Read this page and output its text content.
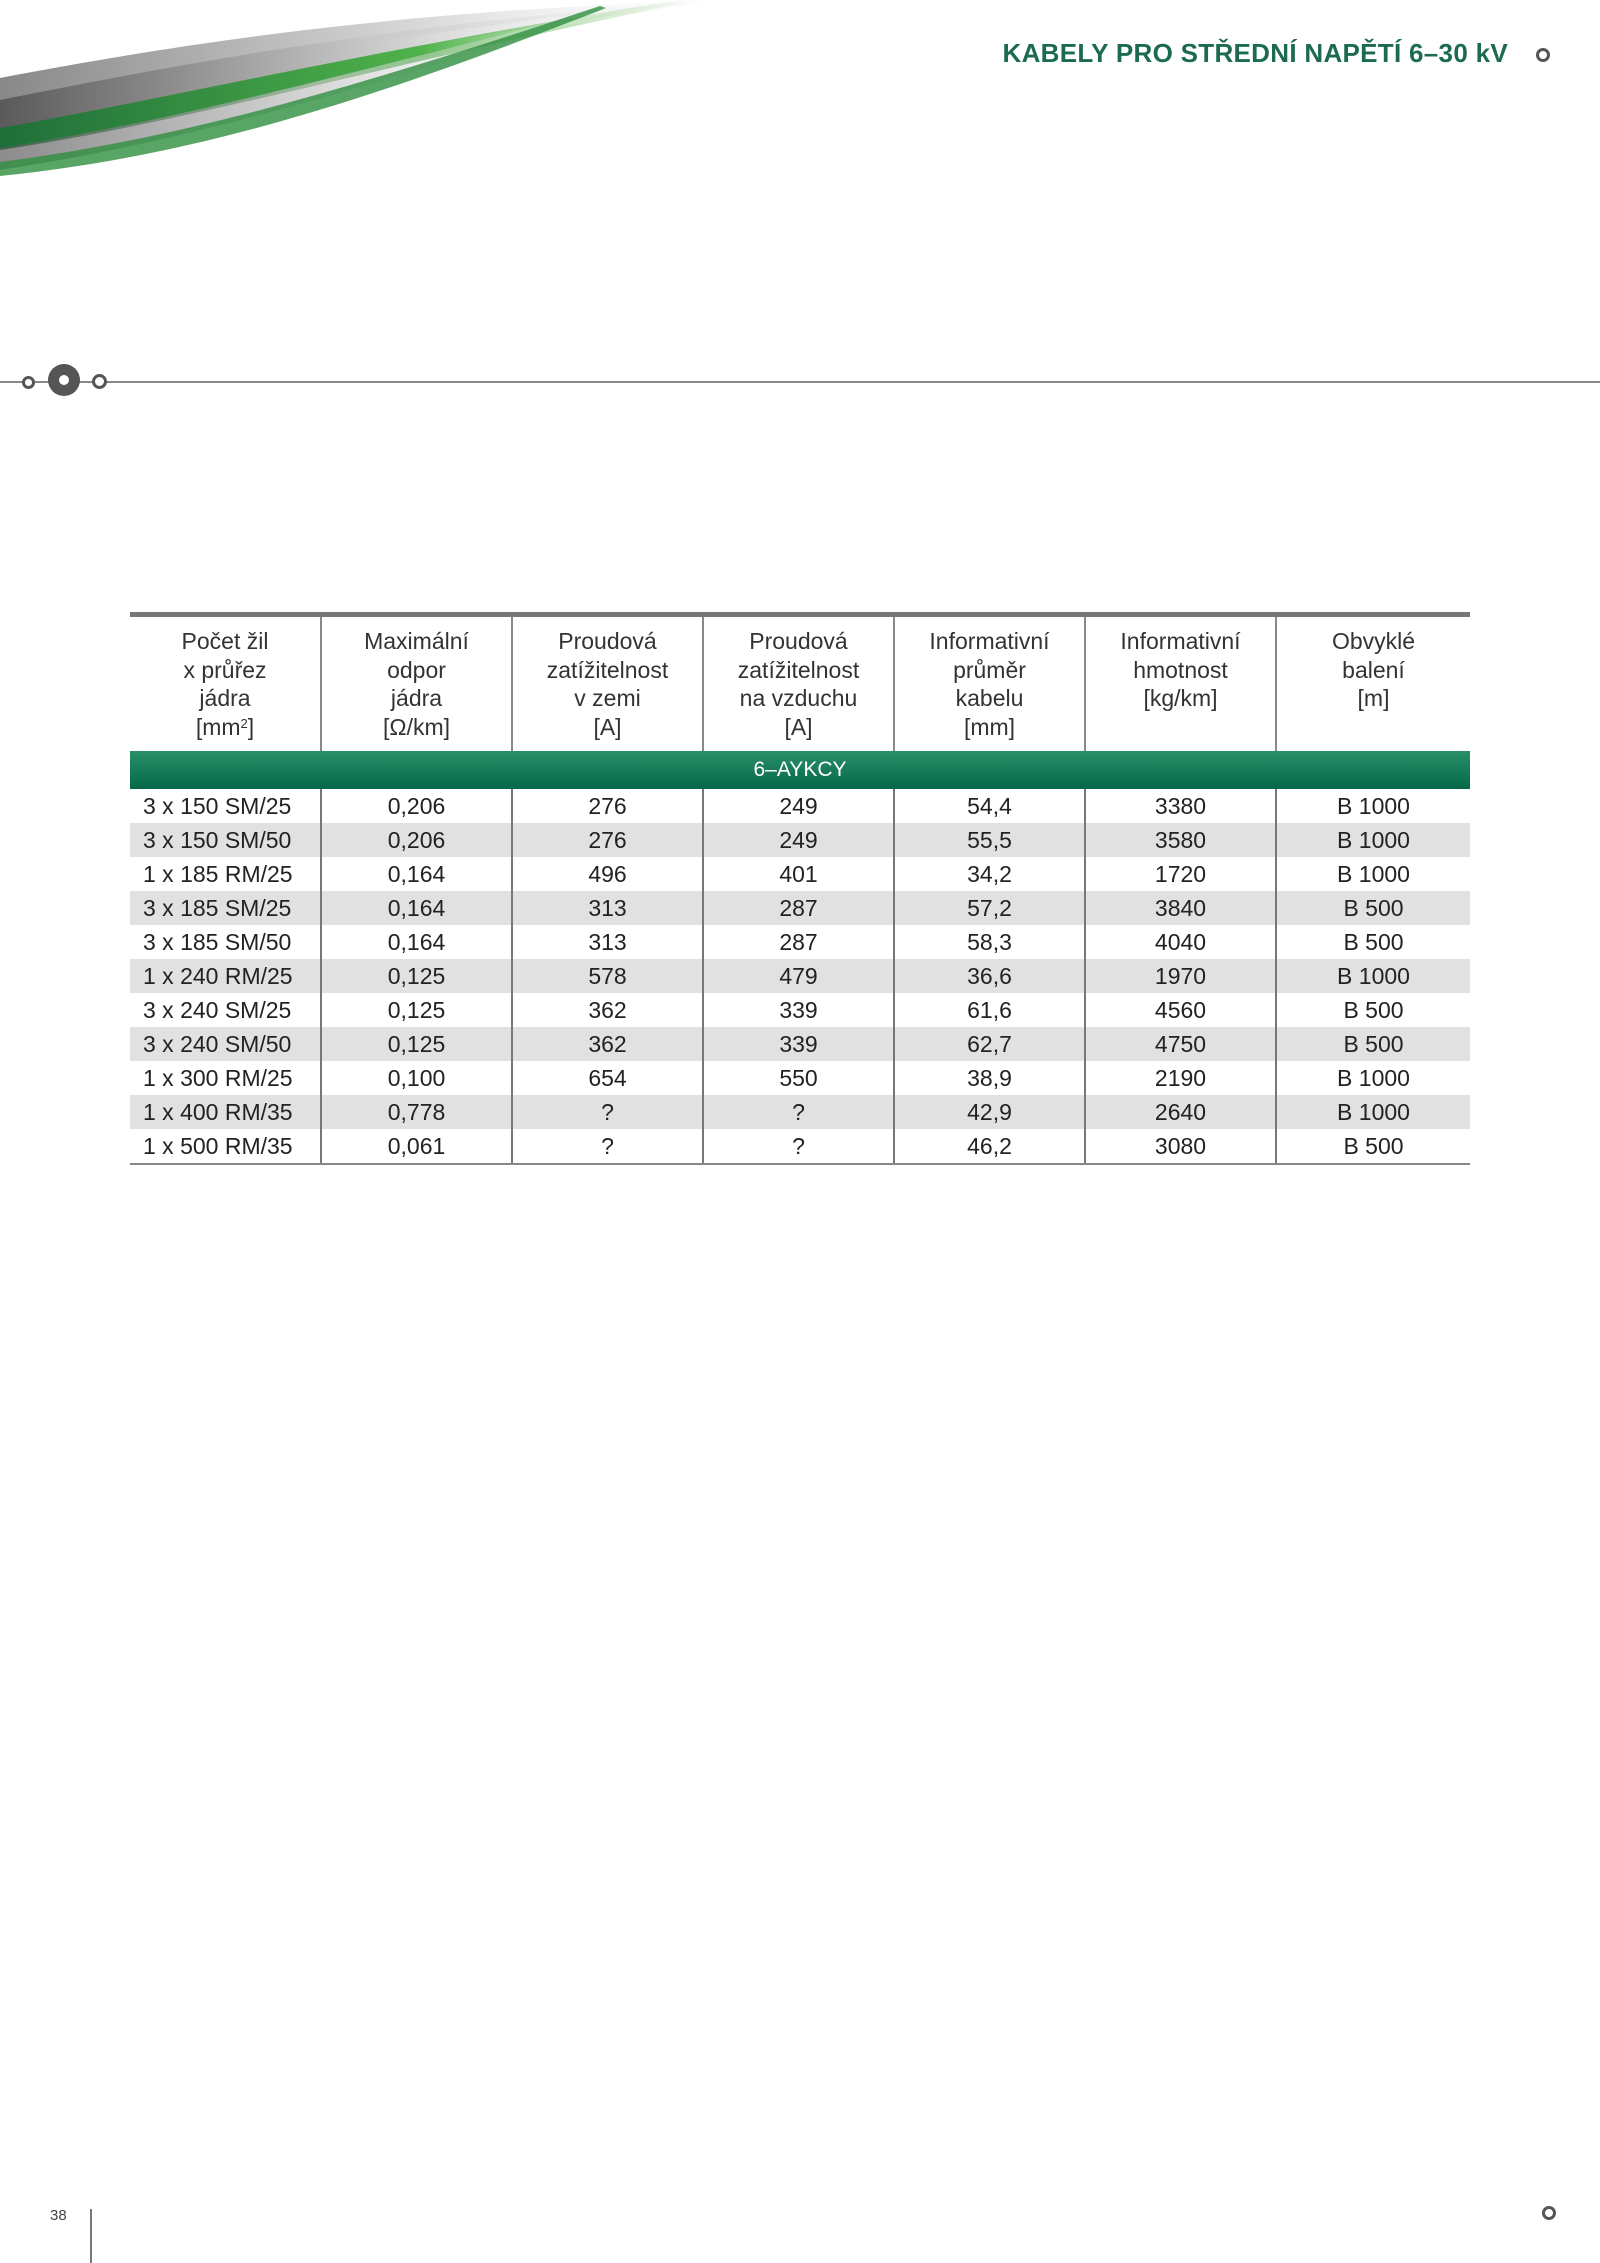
KABELY PRO STŘEDNÍ NAPĚTÍ 6–30 kV
Počet žil
x průřez
jádra
$[mm^2]$	Maximální
odpor
jádra
[Ω/km]	Proudová
zatížitelnost
v zemi
[A]	Proudová
zatížitelnost
na vzduchu
[A]	Informativní
průměr
kabelu
[mm]	Informativní
hmotnost
[kg/km]	Obvyklé
balení
[m]

6–AYKCY						
3 x 150 SM/25	0,206	276	249	54,4	3380	B 1000
3 x 150 SM/50	0,206	276	249	55,5	3580	B 1000
1 x 185 RM/25	0,164	496	401	34,2	1720	B 1000
3 x 185 SM/25	0,164	313	287	57,2	3840	B 500
3 x 185 SM/50	0,164	313	287	58,3	4040	B 500
1 x 240 RM/25	0,125	578	479	36,6	1970	B 1000
3 x 240 SM/25	0,125	362	339	61,6	4560	B 500
3 x 240 SM/50	0,125	362	339	62,7	4750	B 500
1 x 300 RM/25	0,100	654	550	38,9	2190	B 1000
1 x 400 RM/35	0,778	?	?	42,9	2640	B 1000
1 x 500 RM/35	0,061	?	?	46,2	3080	B 500
38
